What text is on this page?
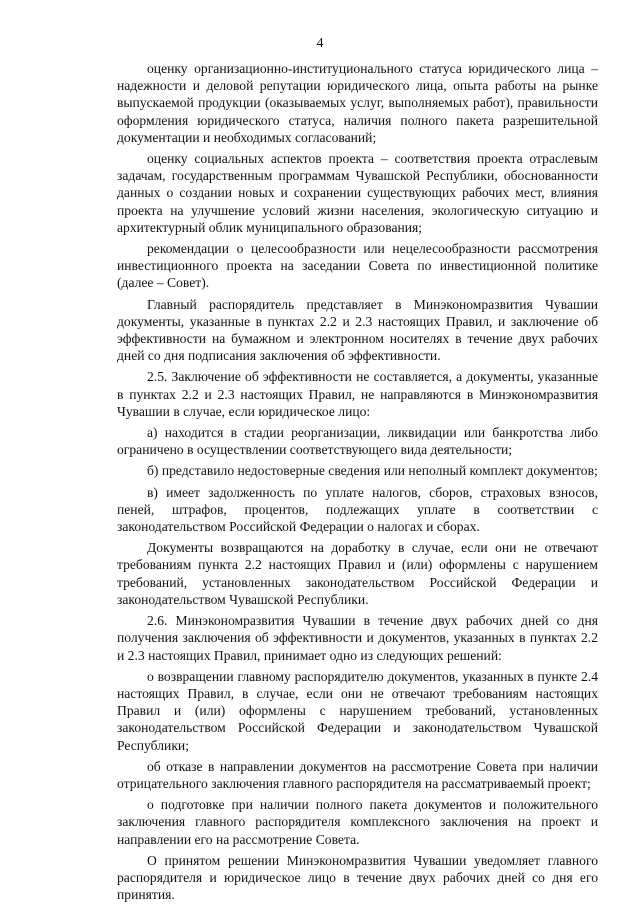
4

оценку организационно-институционального статуса юридического лица – надежности и деловой репутации юридического лица, опыта работы на рынке выпускаемой продукции (оказываемых услуг, выполняемых работ), правильности оформления юридического статуса, наличия полного пакета разрешительной документации и необходимых согласований;

оценку социальных аспектов проекта – соответствия проекта отраслевым задачам, государственным программам Чувашской Республики, обоснованности данных о создании новых и сохранении существующих рабочих мест, влияния проекта на улучшение условий жизни населения, экологическую ситуацию и архитектурный облик муниципального образования;

рекомендации о целесообразности или нецелесообразности рассмотрения инвестиционного проекта на заседании Совета по инвестиционной политике (далее – Совет).

Главный распорядитель представляет в Минэкономразвития Чувашии документы, указанные в пунктах 2.2 и 2.3 настоящих Правил, и заключение об эффективности на бумажном и электронном носителях в течение двух рабочих дней со дня подписания заключения об эффективности.

2.5. Заключение об эффективности не составляется, а документы, указанные в пунктах 2.2 и 2.3 настоящих Правил, не направляются в Минэкономразвития Чувашии в случае, если юридическое лицо:

а) находится в стадии реорганизации, ликвидации или банкротства либо ограничено в осуществлении соответствующего вида деятельности;

б) представило недостоверные сведения или неполный комплект документов;

в) имеет задолженность по уплате налогов, сборов, страховых взносов, пеней, штрафов, процентов, подлежащих уплате в соответствии с законодательством Российской Федерации о налогах и сборах.

Документы возвращаются на доработку в случае, если они не отвечают требованиям пункта 2.2 настоящих Правил и (или) оформлены с нарушением требований, установленных законодательством Российской Федерации и законодательством Чувашской Республики.

2.6. Минэкономразвития Чувашии в течение двух рабочих дней со дня получения заключения об эффективности и документов, указанных в пунктах 2.2 и 2.3 настоящих Правил, принимает одно из следующих решений:

о возвращении главному распорядителю документов, указанных в пункте 2.4 настоящих Правил, в случае, если они не отвечают требованиям настоящих Правил и (или) оформлены с нарушением требований, установленных законодательством Российской Федерации и законодательством Чувашской Республики;

об отказе в направлении документов на рассмотрение Совета при наличии отрицательного заключения главного распорядителя на рассматриваемый проект;

о подготовке при наличии полного пакета документов и положительного заключения главного распорядителя комплексного заключения на проект и направлении его на рассмотрение Совета.

О принятом решении Минэкономразвития Чувашии уведомляет главного распорядителя и юридическое лицо в течение двух рабочих дней со дня его принятия.
